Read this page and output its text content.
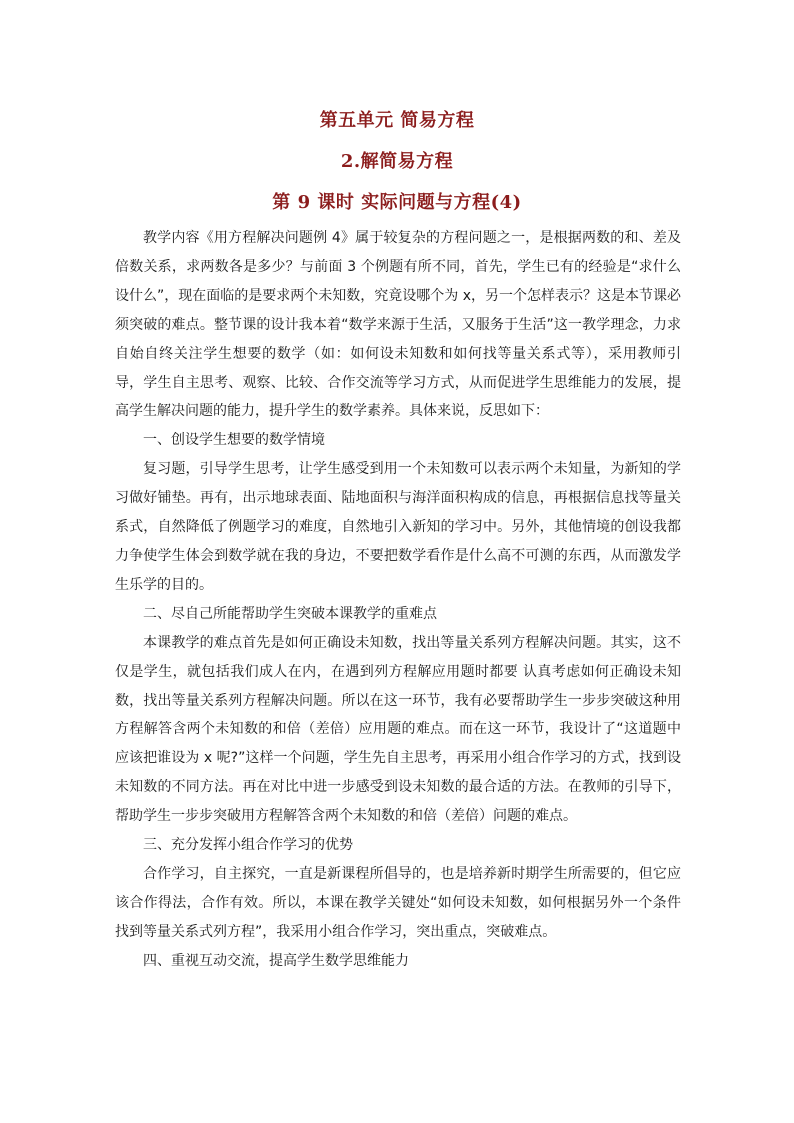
第五单元 简易方程
2.解简易方程
第 9 课时 实际问题与方程(4)

教学内容《用方程解决问题例 4》属于较复杂的方程问题之一，是根据两数的和、差及倍数关系，求两数各是多少？与前面 3 个例题有所不同，首先，学生已有的经验是“求什么设什么”，现在面临的是要求两个未知数，究竟设哪个为 x，另一个怎样表示？这是本节课必须突破的难点。整节课的设计我本着“数学来源于生活，又服务于生活”这一教学理念，力求自始自终关注学生想要的数学（如：如何设未知数和如何找等量关系式等），采用教师引导，学生自主思考、观察、比较、合作交流等学习方式，从而促进学生思维能力的发展，提高学生解决问题的能力，提升学生的数学素养。具体来说，反思如下：

一、创设学生想要的数学情境

复习题，引导学生思考，让学生感受到用一个未知数可以表示两个未知量，为新知的学习做好铺垫。再有，出示地球表面、陆地面积与海洋面积构成的信息，再根据信息找等量关系式，自然降低了例题学习的难度，自然地引入新知的学习中。另外，其他情境的创设我都力争使学生体会到数学就在我的身边，不要把数学看作是什么高不可测的东西，从而激发学生乐学的目的。

二、尽自己所能帮助学生突破本课教学的重难点

本课教学的难点首先是如何正确设未知数，找出等量关系列方程解决问题。其实，这不仅是学生，就包括我们成人在内，在遇到列方程解应用题时都要 认真考虑如何正确设未知数，找出等量关系列方程解决问题。所以在这一环节，我有必要帮助学生一步步突破这种用方程解答含两个未知数的和倍（差倍）应用题的难点。而在这一环节，我设计了“这道题中应该把谁设为 x 呢?”这样一个问题，学生先自主思考，再采用小组合作学习的方式，找到设未知数的不同方法。再在对比中进一步感受到设未知数的最合适的方法。在教师的引导下，帮助学生一步步突破用方程解答含两个未知数的和倍（差倍）问题的难点。

三、充分发挥小组合作学习的优势

合作学习，自主探究，一直是新课程所倡导的，也是培养新时期学生所需要的，但它应该合作得法，合作有效。所以，本课在教学关键处“如何设未知数，如何根据另外一个条件找到等量关系式列方程”，我采用小组合作学习，突出重点，突破难点。

四、重视互动交流，提高学生数学思维能力
